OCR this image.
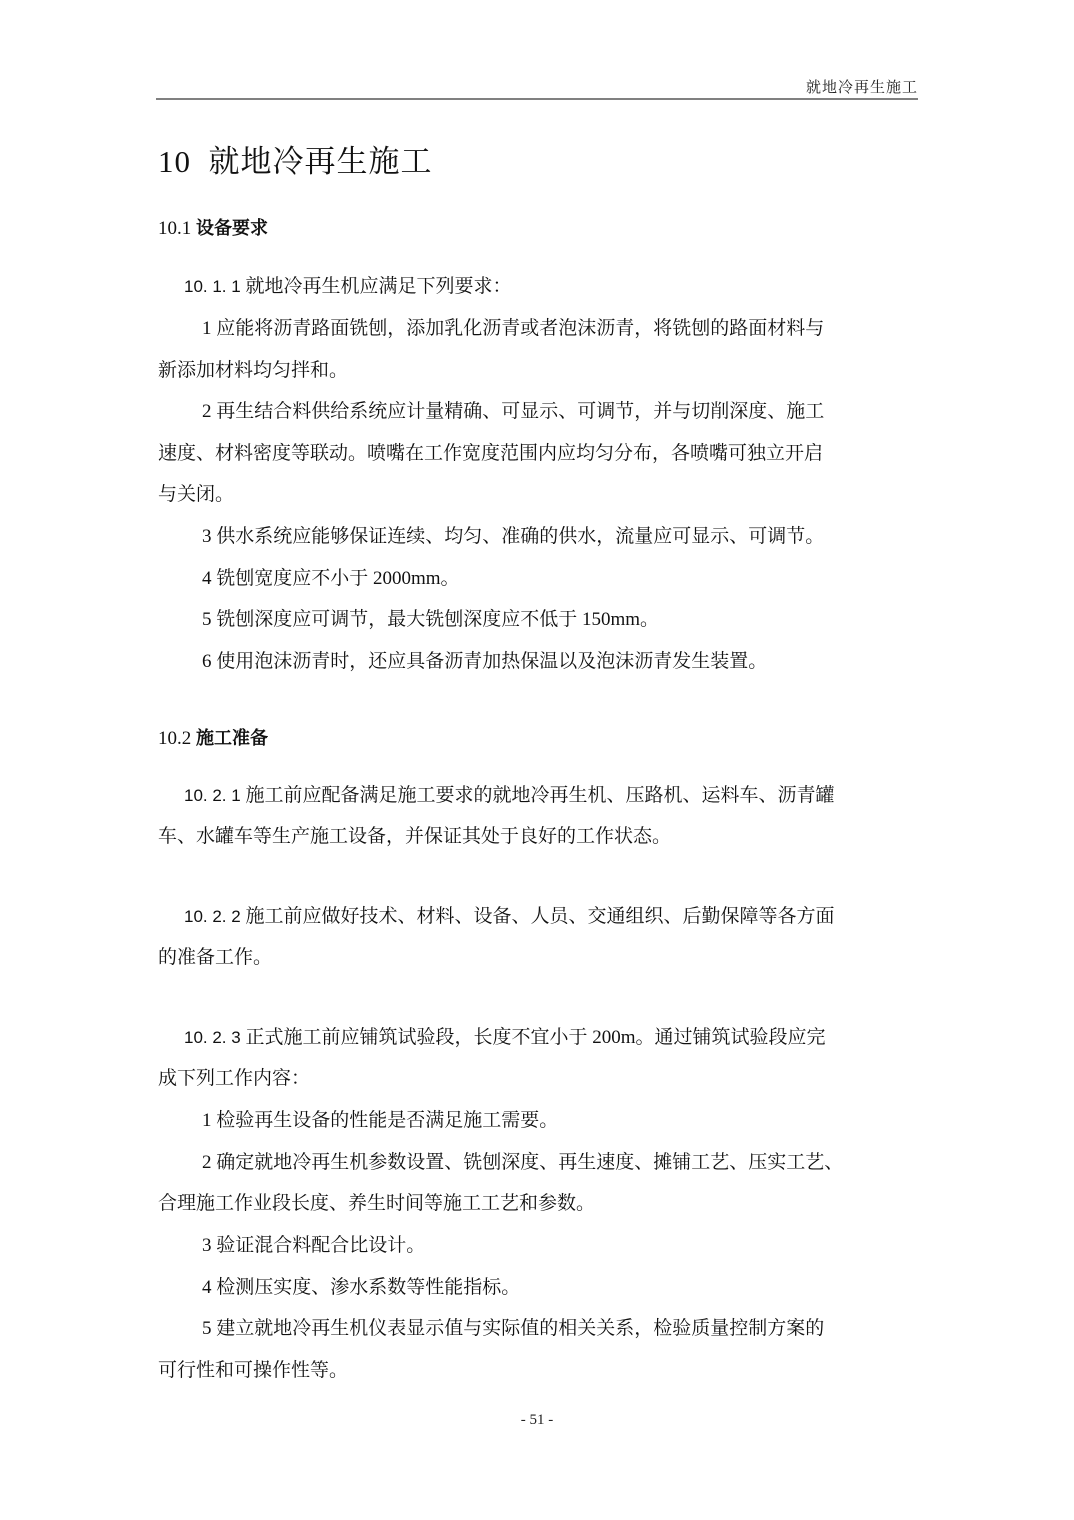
就地冷再生施工
10 就地冷再生施工
10.1 设备要求
10. 1. 1 就地冷再生机应满足下列要求：
1 应能将沥青路面铣刨，添加乳化沥青或者泡沫沥青，将铣刨的路面材料与
新添加材料均匀拌和。
2 再生结合料供给系统应计量精确、可显示、可调节，并与切削深度、施工
速度、材料密度等联动。喷嘴在工作宽度范围内应均匀分布，各喷嘴可独立开启
与关闭。
3 供水系统应能够保证连续、均匀、准确的供水，流量应可显示、可调节。
4 铣刨宽度应不小于 2000mm。
5 铣刨深度应可调节，最大铣刨深度应不低于 150mm。
6 使用泡沫沥青时，还应具备沥青加热保温以及泡沫沥青发生装置。
10.2 施工准备
10. 2. 1 施工前应配备满足施工要求的就地冷再生机、压路机、运料车、沥青罐
车、水罐车等生产施工设备，并保证其处于良好的工作状态。
10. 2. 2 施工前应做好技术、材料、设备、人员、交通组织、后勤保障等各方面
的准备工作。
10. 2. 3 正式施工前应铺筑试验段，长度不宜小于 200m。通过铺筑试验段应完
成下列工作内容：
1 检验再生设备的性能是否满足施工需要。
2 确定就地冷再生机参数设置、铣刨深度、再生速度、摊铺工艺、压实工艺、
合理施工作业段长度、养生时间等施工工艺和参数。
3 验证混合料配合比设计。
4 检测压实度、渗水系数等性能指标。
5 建立就地冷再生机仪表显示值与实际值的相关关系，检验质量控制方案的
可行性和可操作性等。
- 51 -
